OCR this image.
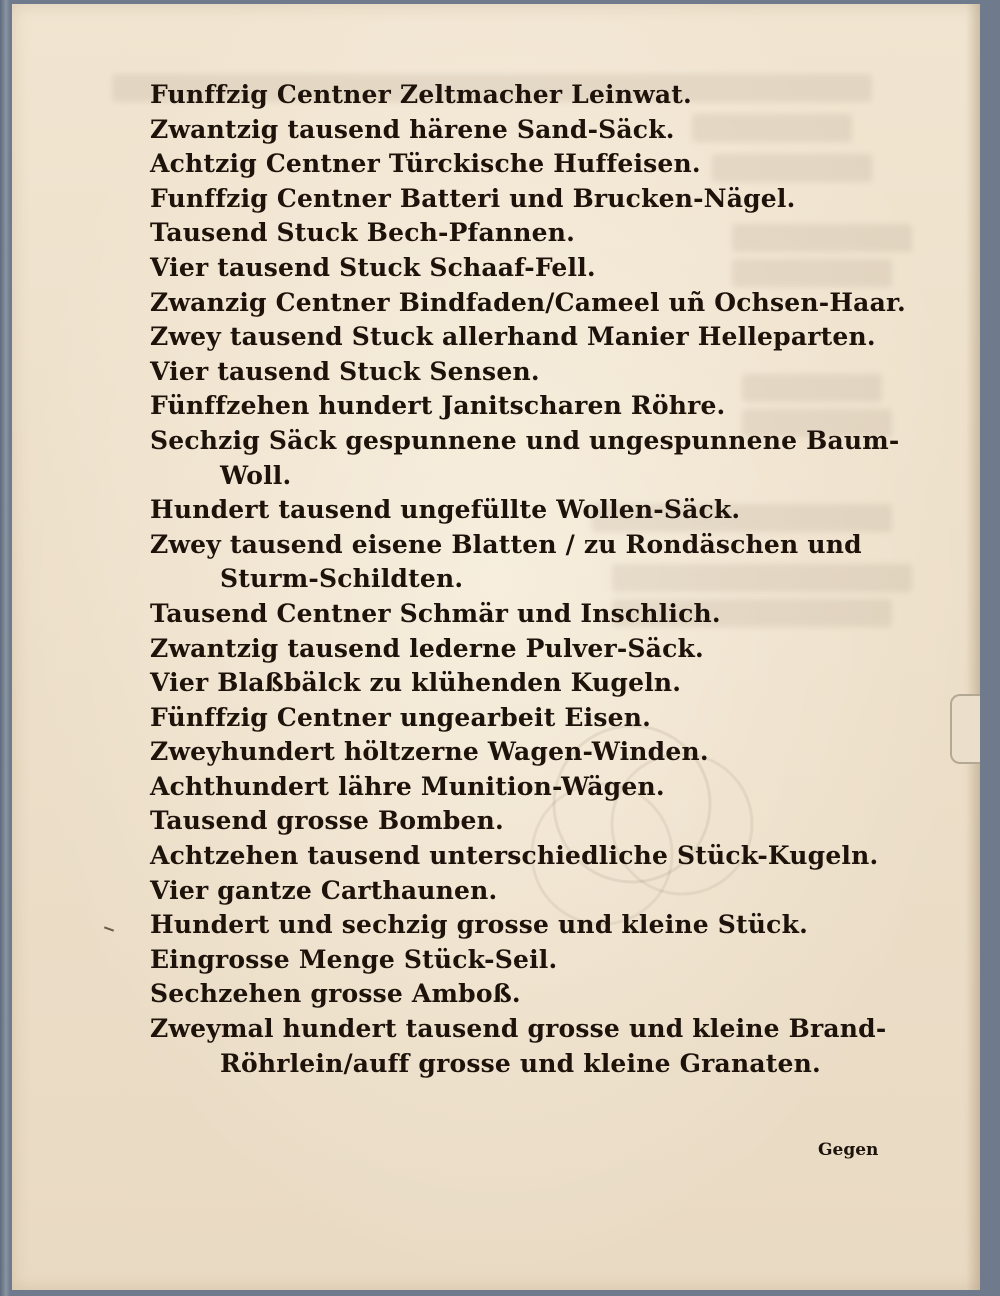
Funffzig Centner Zeltmacher Leinwat.
Zwantzig tausend härene Sand-Säck.
Achtzig Centner Türckische Huffeisen.
Funffzig Centner Batteri und Brucken-Nägel.
Tausend Stuck Bech-Pfannen.
Vier tausend Stuck Schaaf-Fell.
Zwanzig Centner Bindfaden/Cameel uñ Ochsen-Haar.
Zwey tausend Stuck allerhand Manier Helleparten.
Vier tausend Stuck Sensen.
Fünffzehen hundert Janitscharen Röhre.
Sechzig Säck gespunnene und ungespunnene Baum-
Woll.
Hundert tausend ungefüllte Wollen-Säck.
Zwey tausend eisene Blatten / zu Rondäschen und
Sturm-Schildten.
Tausend Centner Schmär und Inschlich.
Zwantzig tausend lederne Pulver-Säck.
Vier Blaßbälck zu klühenden Kugeln.
Fünffzig Centner ungearbeit Eisen.
Zweyhundert höltzerne Wagen-Winden.
Achthundert lähre Munition-Wägen.
Tausend grosse Bomben.
Achtzehen tausend unterschiedliche Stück-Kugeln.
Vier gantze Carthaunen.
Hundert und sechzig grosse und kleine Stück.
Eingrosse Menge Stück-Seil.
Sechzehen grosse Amboß.
Zweymal hundert tausend grosse und kleine Brand-
Röhrlein/auff grosse und kleine Granaten.
Gegen
